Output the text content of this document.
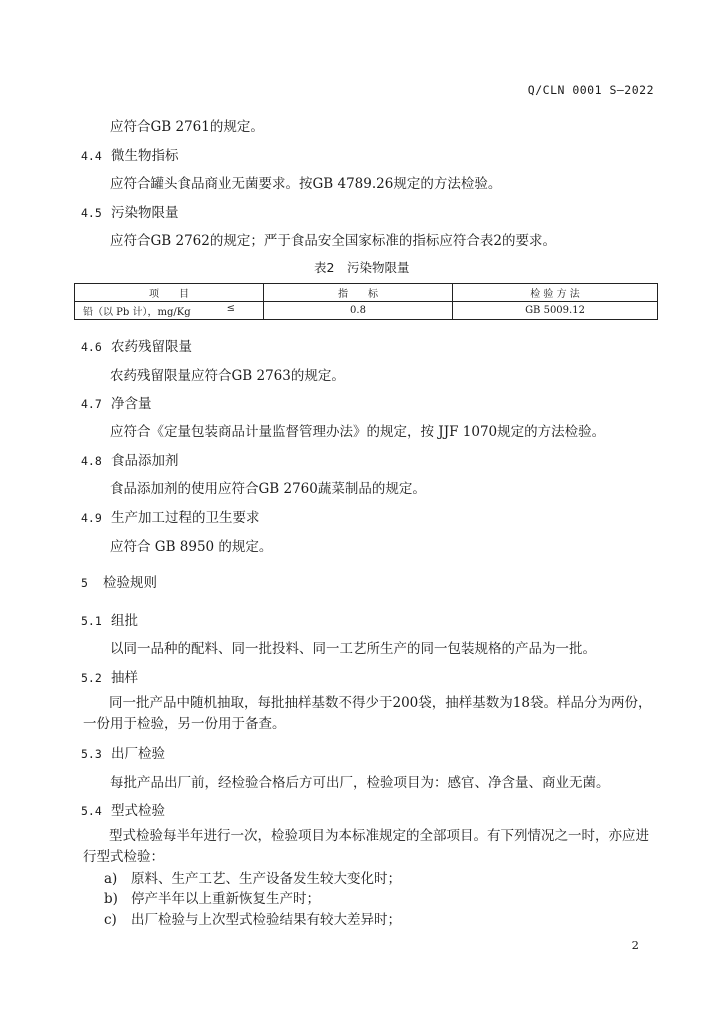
Q/CLN 0001 S—2022
应符合GB 2761的规定。
4.4 微生物指标
应符合罐头食品商业无菌要求。按GB 4789.26规定的方法检验。
4.5 污染物限量
应符合GB 2762的规定；严于食品安全国家标准的指标应符合表2的要求。
表2　污染物限量
项　　目	指　　标	检 验 方 法
铅（以 Pb 计），mg/Kg ≤	0.8	GB 5009.12
4.6 农药残留限量
农药残留限量应符合GB 2763的规定。
4.7 净含量
应符合《定量包装商品计量监督管理办法》的规定，按 JJF 1070规定的方法检验。
4.8 食品添加剂
食品添加剂的使用应符合GB 2760蔬菜制品的规定。
4.9 生产加工过程的卫生要求
应符合 GB 8950 的规定。
5 检验规则
5.1 组批
以同一品种的配料、同一批投料、同一工艺所生产的同一包装规格的产品为一批。
5.2 抽样
同一批产品中随机抽取，每批抽样基数不得少于200袋，抽样基数为18袋。样品分为两份，一份用于检验，另一份用于备查。
5.3 出厂检验
每批产品出厂前，经检验合格后方可出厂，检验项目为：感官、净含量、商业无菌。
5.4 型式检验
型式检验每半年进行一次，检验项目为本标准规定的全部项目。有下列情况之一时，亦应进行型式检验：
a) 原料、生产工艺、生产设备发生较大变化时；
b) 停产半年以上重新恢复生产时；
c) 出厂检验与上次型式检验结果有较大差异时；
2
